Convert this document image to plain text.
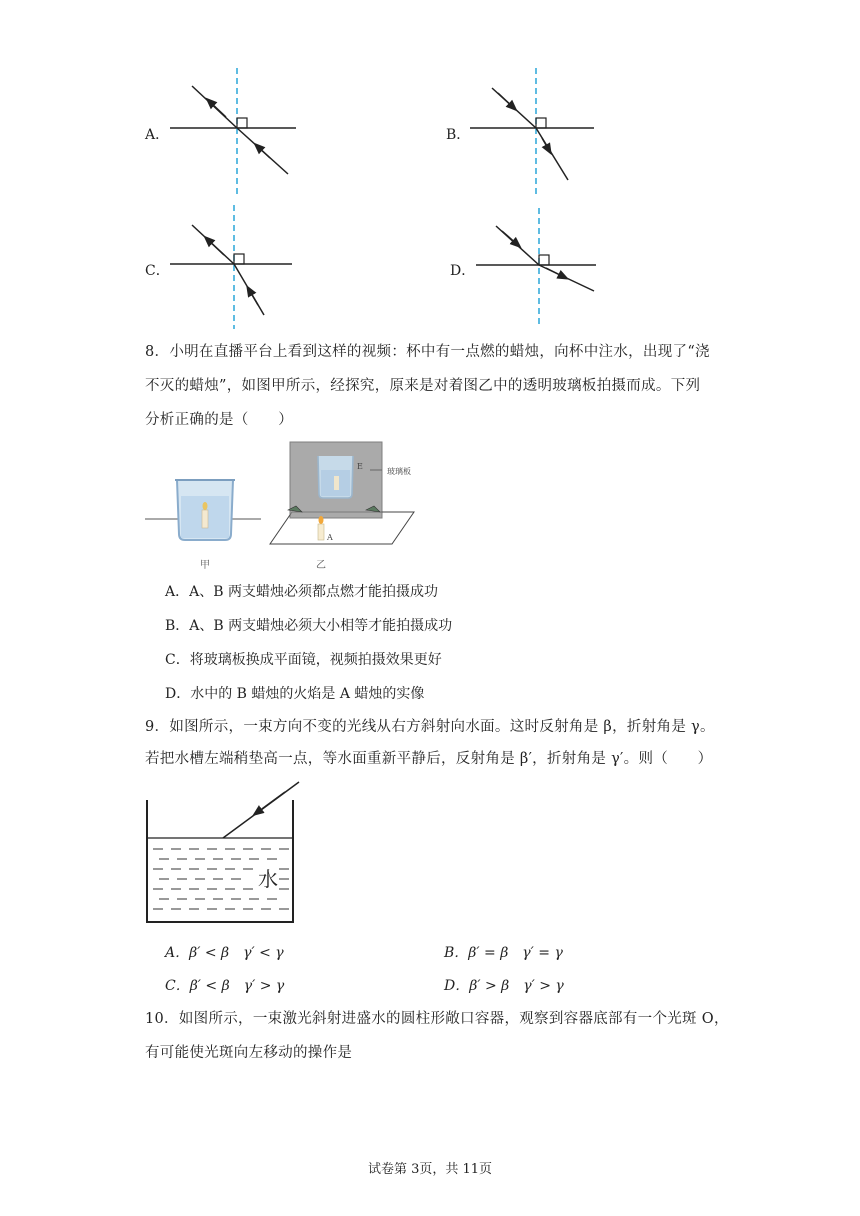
A．	B．
C．	D．
8．小明在直播平台上看到这样的视频：杯中有一点燃的蜡烛，向杯中注水，出现了“浇
不灭的蜡烛”，如图甲所示，经探究，原来是对着图乙中的透明玻璃板拍摄而成。下列
分析正确的是（　　）
甲
E
玻璃板
A
乙
A．A、B 两支蜡烛必须都点燃才能拍摄成功
B．A、B 两支蜡烛必须大小相等才能拍摄成功
C．将玻璃板换成平面镜，视频拍摄效果更好
D．水中的 B 蜡烛的火焰是 A 蜡烛的实像
9．如图所示，一束方向不变的光线从右方斜射向水面。这时反射角是 β，折射角是 γ。
若把水槽左端稍垫高一点，等水面重新平静后，反射角是 β′，折射角是 γ′。则（　　）
水
A．β′ < β　γ′ < γ	B．β′ = β　γ′ = γ
C．β′ < β　γ′ > γ	D．β′ > β　γ′ > γ
10．如图所示，一束激光斜射进盛水的圆柱形敞口容器，观察到容器底部有一个光斑 O，
有可能使光斑向左移动的操作是
试卷第 3页，共 11页
